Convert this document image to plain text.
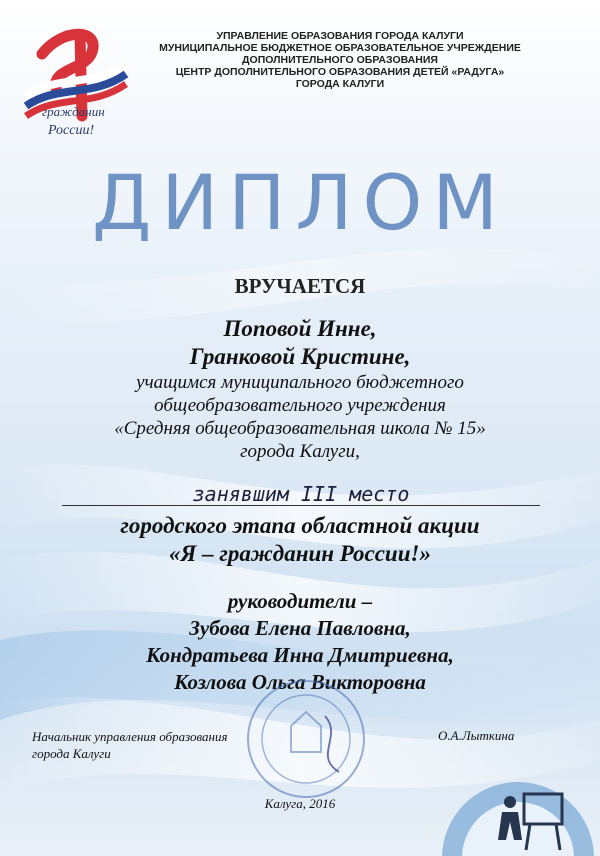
гражданин
России!
УПРАВЛЕНИЕ ОБРАЗОВАНИЯ ГОРОДА КАЛУГИ
МУНИЦИПАЛЬНОЕ БЮДЖЕТНОЕ ОБРАЗОВАТЕЛЬНОЕ УЧРЕЖДЕНИЕ
ДОПОЛНИТЕЛЬНОГО ОБРАЗОВАНИЯ
ЦЕНТР ДОПОЛНИТЕЛЬНОГО ОБРАЗОВАНИЯ ДЕТЕЙ «РАДУГА»
ГОРОДА КАЛУГИ
ДИПЛОМ
ВРУЧАЕТСЯ
Поповой Инне,
Гранковой Кристине,
учащимся муниципального бюджетного
общеобразовательного учреждения
«Средняя общеобразовательная школа № 15»
города Калуги,
занявшим III место
городского этапа областной акции
«Я – гражданин России!»
руководители –
Зубова Елена Павловна,
Кондратьева Инна Дмитриевна,
Козлова Ольга Викторовна
Начальник управления образования
города Калуги
О.А.Лыткина
Калуга, 2016
